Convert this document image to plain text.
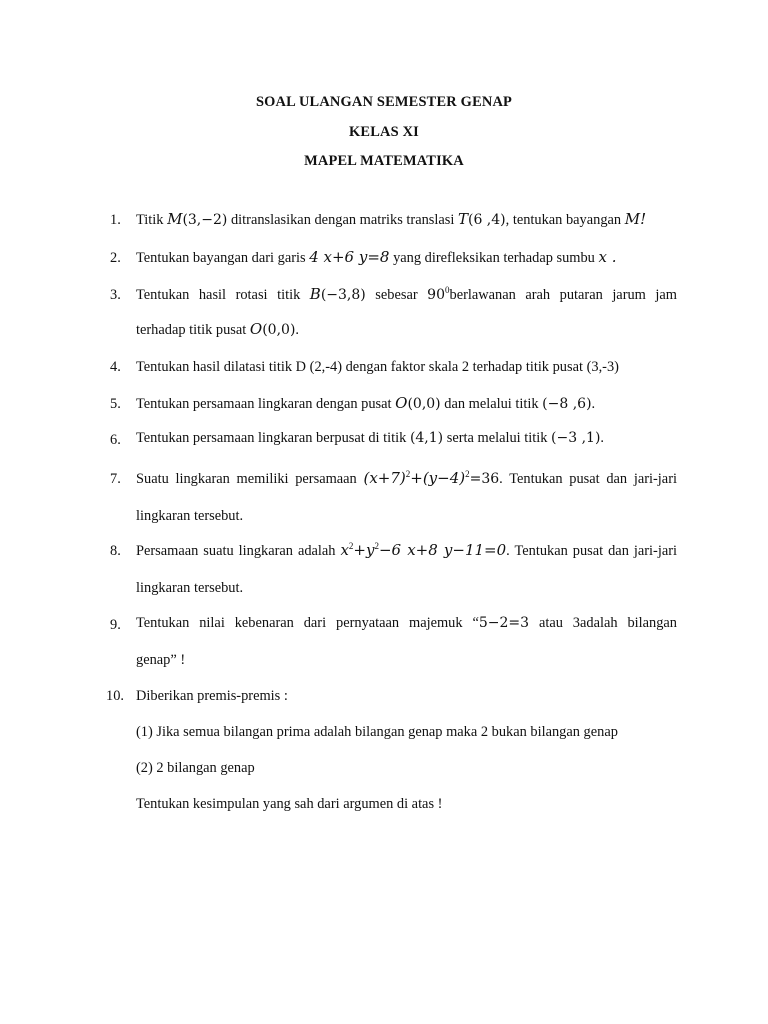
SOAL ULANGAN SEMESTER GENAP
KELAS XI
MAPEL MATEMATIKA
1.	Titik M(3,−2) ditranslasikan dengan matriks translasi T(6 ,4), tentukan bayangan M!
2.	Tentukan bayangan dari garis 4 x+6 y=8 yang direfleksikan terhadap sumbu x .
3.	Tentukan hasil rotasi titik B(−3,8) sebesar $90^0berlawanan$ arah putaran jarum jam
terhadap titik pusat O(0,0).
4.	Tentukan hasil dilatasi titik D (2,-4) dengan faktor skala 2 terhadap titik pusat (3,-3)
5.	Tentukan persamaan lingkaran dengan pusat O(0,0) dan melalui titik (−8 ,6).
6.	Tentukan persamaan lingkaran berpusat di titik (4,1) serta melalui titik (−3 ,1).
7.	Suatu lingkaran memiliki persamaan $(x+7)^2+(y-4)^2=36$. Tentukan pusat dan jari-jari
lingkaran tersebut.
8.	Persamaan suatu lingkaran adalah $x^2+y^2-6$ x+8 y−11=0. Tentukan pusat dan jari-jari
lingkaran tersebut.
9.	Tentukan nilai kebenaran dari pernyataan majemuk “5−2=3 atau 3adalah bilangan
genap” !
10. Diberikan premis-premis :
(1) Jika semua bilangan prima adalah bilangan genap maka 2 bukan bilangan genap
(2) 2 bilangan genap
Tentukan kesimpulan yang sah dari argumen di atas !
